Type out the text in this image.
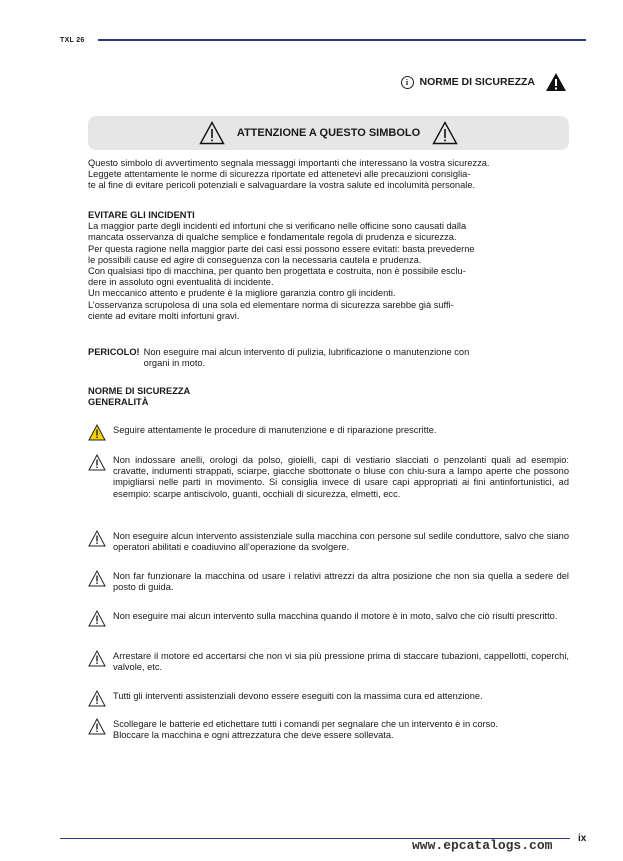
TXL 26
i	NORME DI SICUREZZA
ATTENZIONE A QUESTO SIMBOLO

Questo simbolo di avvertimento segnala messaggi importanti che interessano la vostra sicurezza.

Leggete attentamente le norme di sicurezza riportate ed attenetevi alle precauzioni consiglia-

te al fine di evitare pericoli potenziali e salvaguardare la vostra salute ed incolumità personale.

EVITARE GLI INCIDENTI

La maggior parte degli incidenti ed infortuni che si verificano nelle officine sono causati dalla

mancata osservanza di qualche semplice e fondamentale regola di prudenza e sicurezza.

Per questa ragione nella maggior parte dei casi essi possono essere evitati: basta prevederne

le possibili cause ed agire di conseguenza con la necessaria cautela e prudenza.

Con qualsiasi tipo di macchina, per quanto ben progettata e costruita, non è possibile esclu-

dere in assoluto ogni eventualità di incidente.

Un meccanico attento e prudente è la migliore garanzia contro gli incidenti.

L’osservanza scrupolosa di una sola ed elementare norma di sicurezza sarebbe già suffi-

ciente ad evitare molti infortuni gravi.

PERICOLO! Non eseguire mai alcun intervento di pulizia, lubrificazione o manutenzione con
organi in moto.

NORME DI SICUREZZA

GENERALITÀ

Seguire attentamente le procedure di manutenzione e di riparazione prescritte.
Non indossare anelli, orologi da polso, gioielli, capi di vestiario slacciati o penzolanti quali ad esempio: cravatte, indumenti strappati, sciarpe, giacche sbottonate o bluse con chiu-sura a lampo aperte che possono impigliarsi nelle parti in movimento. Si consiglia invece di usare capi appropriati ai fini antinfortunistici, ad esempio: scarpe antiscivolo, guanti, occhiali di sicurezza, elmetti, ecc.
Non eseguire alcun intervento assistenziale sulla macchina con persone sul sedile conduttore, salvo che siano operatori abilitati e coadiuvino all’operazione da svolgere.
Non far funzionare la macchina od usare i relativi attrezzi da altra posizione che non sia quella a sedere del posto di guida.
Non eseguire mai alcun intervento sulla macchina quando il motore è in moto, salvo che ciò risulti prescritto.
Arrestare il motore ed accertarsi che non vi sia più pressione prima di staccare tubazioni, cappellotti, coperchi, valvole, etc.
Tutti gli interventi assistenziali devono essere eseguiti con la massima cura ed attenzione.
Scollegare le batterie ed etichettare tutti i comandi per segnalare che un intervento è in corso.
Bloccare la macchina e ogni attrezzatura che deve essere sollevata.
www.epcatalogs.com	ix
